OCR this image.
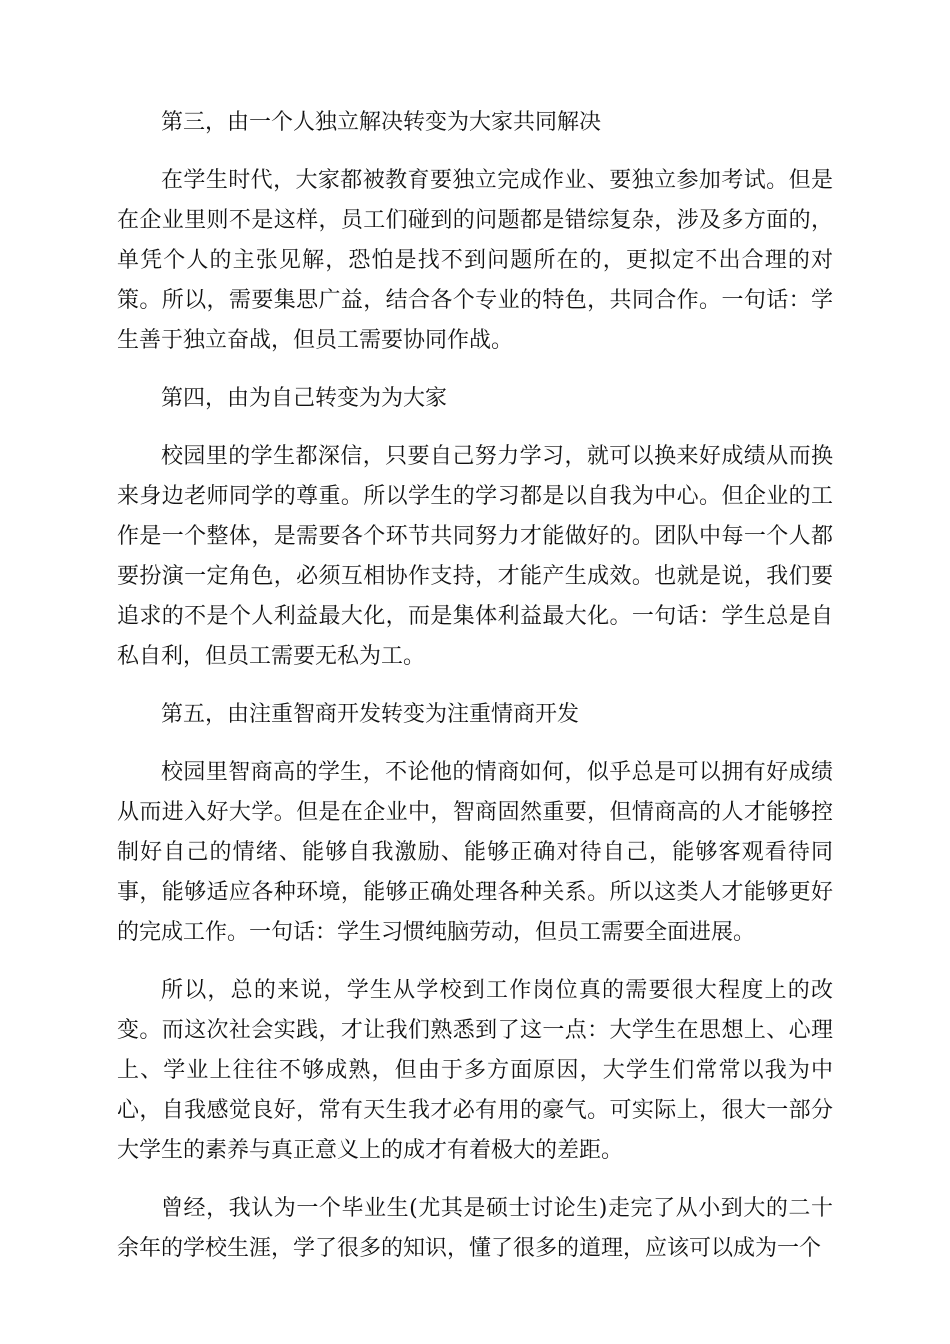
第三，由一个人独立解决转变为大家共同解决

在学生时代，大家都被教育要独立完成作业、要独立参加考试。但是在企业里则不是这样，员工们碰到的问题都是错综复杂，涉及多方面的，单凭个人的主张见解，恐怕是找不到问题所在的，更拟定不出合理的对策。所以，需要集思广益，结合各个专业的特色，共同合作。一句话：学生善于独立奋战，但员工需要协同作战。

第四，由为自己转变为为大家

校园里的学生都深信，只要自己努力学习，就可以换来好成绩从而换来身边老师同学的尊重。所以学生的学习都是以自我为中心。但企业的工作是一个整体，是需要各个环节共同努力才能做好的。团队中每一个人都要扮演一定角色，必须互相协作支持，才能产生成效。也就是说，我们要追求的不是个人利益最大化，而是集体利益最大化。一句话：学生总是自私自利，但员工需要无私为工。

第五，由注重智商开发转变为注重情商开发

校园里智商高的学生，不论他的情商如何，似乎总是可以拥有好成绩从而进入好大学。但是在企业中，智商固然重要，但情商高的人才能够控制好自己的情绪、能够自我激励、能够正确对待自己，能够客观看待同事，能够适应各种环境，能够正确处理各种关系。所以这类人才能够更好的完成工作。一句话：学生习惯纯脑劳动，但员工需要全面进展。

所以，总的来说，学生从学校到工作岗位真的需要很大程度上的改变。而这次社会实践，才让我们熟悉到了这一点：大学生在思想上、心理上、学业上往往不够成熟，但由于多方面原因，大学生们常常以我为中心，自我感觉良好，常有天生我才必有用的豪气。可实际上，很大一部分大学生的素养与真正意义上的成才有着极大的差距。

曾经，我认为一个毕业生(尤其是硕士讨论生)走完了从小到大的二十余年的学校生涯，学了很多的知识，懂了很多的道理，应该可以成为一个
